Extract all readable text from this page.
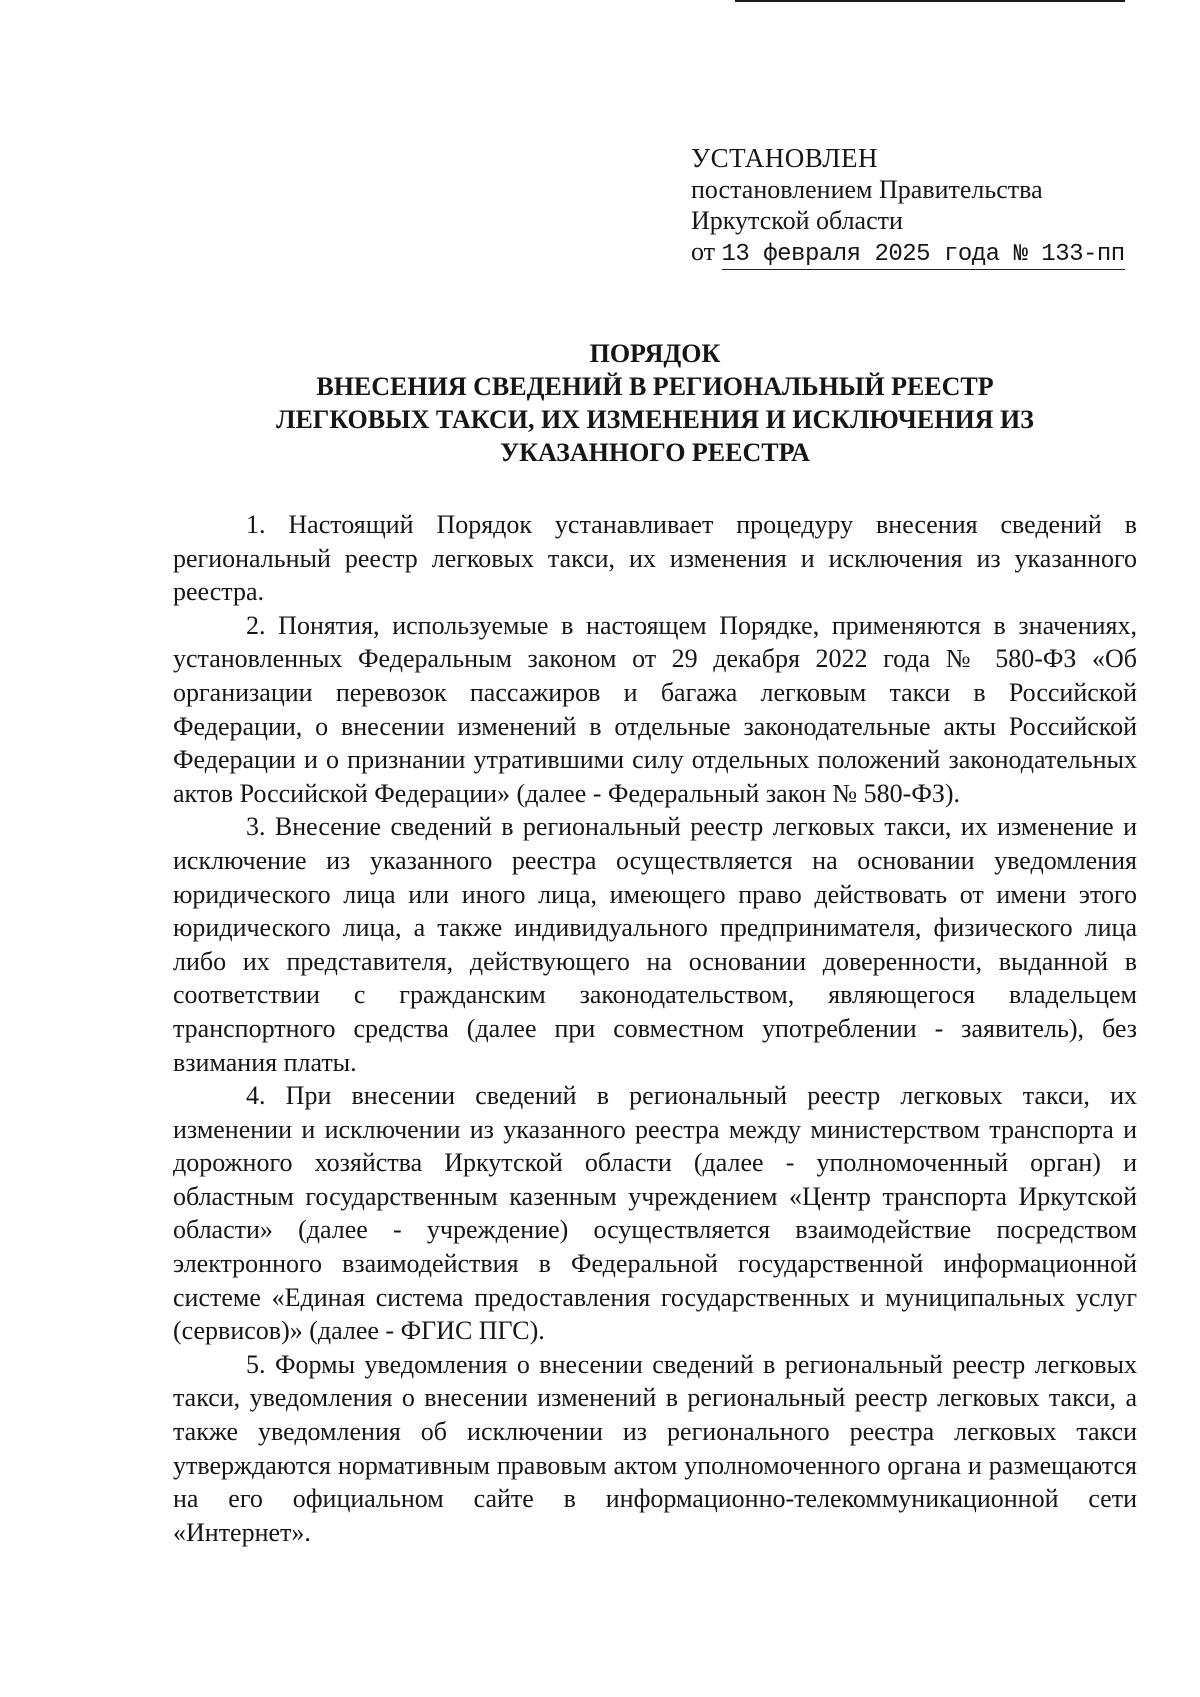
УСТАНОВЛЕН
постановлением Правительства
Иркутской области
от 13 февраля 2025 года № 133-пп
ПОРЯДОК
ВНЕСЕНИЯ СВЕДЕНИЙ В РЕГИОНАЛЬНЫЙ РЕЕСТР
ЛЕГКОВЫХ ТАКСИ, ИХ ИЗМЕНЕНИЯ И ИСКЛЮЧЕНИЯ ИЗ
УКАЗАННОГО РЕЕСТРА

1. Настоящий Порядок устанавливает процедуру внесения сведений в региональный реестр легковых такси, их изменения и исключения из указанного реестра.

2. Понятия, используемые в настоящем Порядке, применяются в значениях, установленных Федеральным законом от 29 декабря 2022 года № 580-ФЗ «Об организации перевозок пассажиров и багажа легковым такси в Российской Федерации, о внесении изменений в отдельные законодательные акты Российской Федерации и о признании утратившими силу отдельных положений законодательных актов Российской Федерации» (далее - Федеральный закон № 580-ФЗ).

3. Внесение сведений в региональный реестр легковых такси, их изменение и исключение из указанного реестра осуществляется на основании уведомления юридического лица или иного лица, имеющего право действовать от имени этого юридического лица, а также индивидуального предпринимателя, физического лица либо их представителя, действующего на основании доверенности, выданной в соответствии с гражданским законодательством, являющегося владельцем транспортного средства (далее при совместном употреблении - заявитель), без взимания платы.

4. При внесении сведений в региональный реестр легковых такси, их изменении и исключении из указанного реестра между министерством транспорта и дорожного хозяйства Иркутской области (далее - уполномоченный орган) и областным государственным казенным учреждением «Центр транспорта Иркутской области» (далее - учреждение) осуществляется взаимодействие посредством электронного взаимодействия в Федеральной государственной информационной системе «Единая система предоставления государственных и муниципальных услуг (сервисов)» (далее - ФГИС ПГС).

5. Формы уведомления о внесении сведений в региональный реестр легковых такси, уведомления о внесении изменений в региональный реестр легковых такси, а также уведомления об исключении из регионального реестра легковых такси утверждаются нормативным правовым актом уполномоченного органа и размещаются на его официальном сайте в информационно-телекоммуникационной сети «Интернет».
